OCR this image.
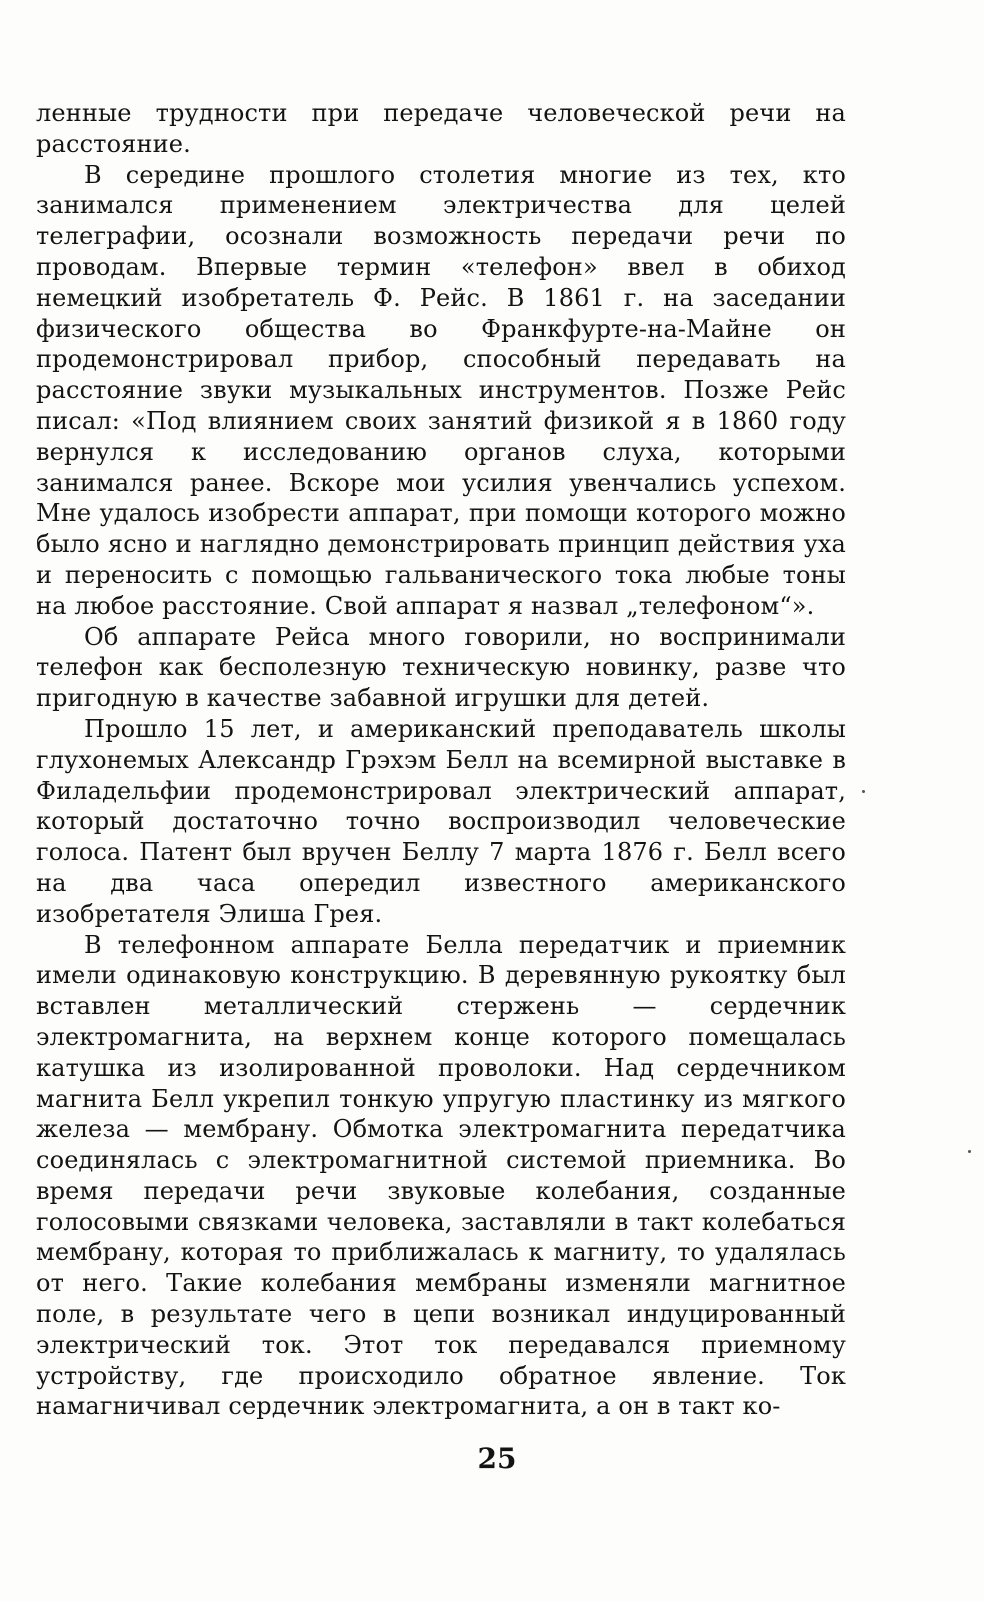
ленные трудности при передаче человеческой речи на расстояние.

В середине прошлого столетия многие из тех, кто занимался применением электричества для целей телеграфии, осознали возможность передачи речи по проводам. Впервые термин «телефон» ввел в обиход немецкий изобретатель Ф. Рейс. В 1861 г. на заседании физического общества во Франкфурте-на-Майне он продемонстрировал прибор, способный передавать на расстояние звуки музыкальных инструментов. Позже Рейс писал: «Под влиянием своих занятий физикой я в 1860 году вернулся к исследованию органов слуха, которыми занимался ранее. Вскоре мои усилия увенчались успехом. Мне удалось изобрести аппарат, при помощи которого можно было ясно и наглядно демонстрировать принцип действия уха и переносить с помощью гальванического тока любые тоны на любое расстояние. Свой аппарат я назвал „телефоном“».

Об аппарате Рейса много говорили, но воспринимали телефон как бесполезную техническую новинку, разве что пригодную в качестве забавной игрушки для детей.

Прошло 15 лет, и американский преподаватель школы глухонемых Александр Грэхэм Белл на всемирной выставке в Филадельфии продемонстрировал электрический аппарат, который достаточно точно воспроизводил человеческие голоса. Патент был вручен Беллу 7 марта 1876 г. Белл всего на два часа опередил известного американского изобретателя Элиша Грея.

В телефонном аппарате Белла передатчик и приемник имели одинаковую конструкцию. В деревянную рукоятку был вставлен металлический стержень — сердечник электромагнита, на верхнем конце которого помещалась катушка из изолированной проволоки. Над сердечником магнита Белл укрепил тонкую упругую пластинку из мягкого железа — мембрану. Обмотка электромагнита передатчика соединялась с электромагнитной системой приемника. Во время передачи речи звуковые колебания, созданные голосовыми связками человека, заставляли в такт колебаться мембрану, которая то приближалась к магниту, то удалялась от него. Такие колебания мембраны изменяли магнитное поле, в результате чего в цепи возникал индуцированный электрический ток. Этот ток передавался приемному устройству, где происходило обратное явление. Ток намагничивал сердечник электромагнита, а он в такт ко-

25
